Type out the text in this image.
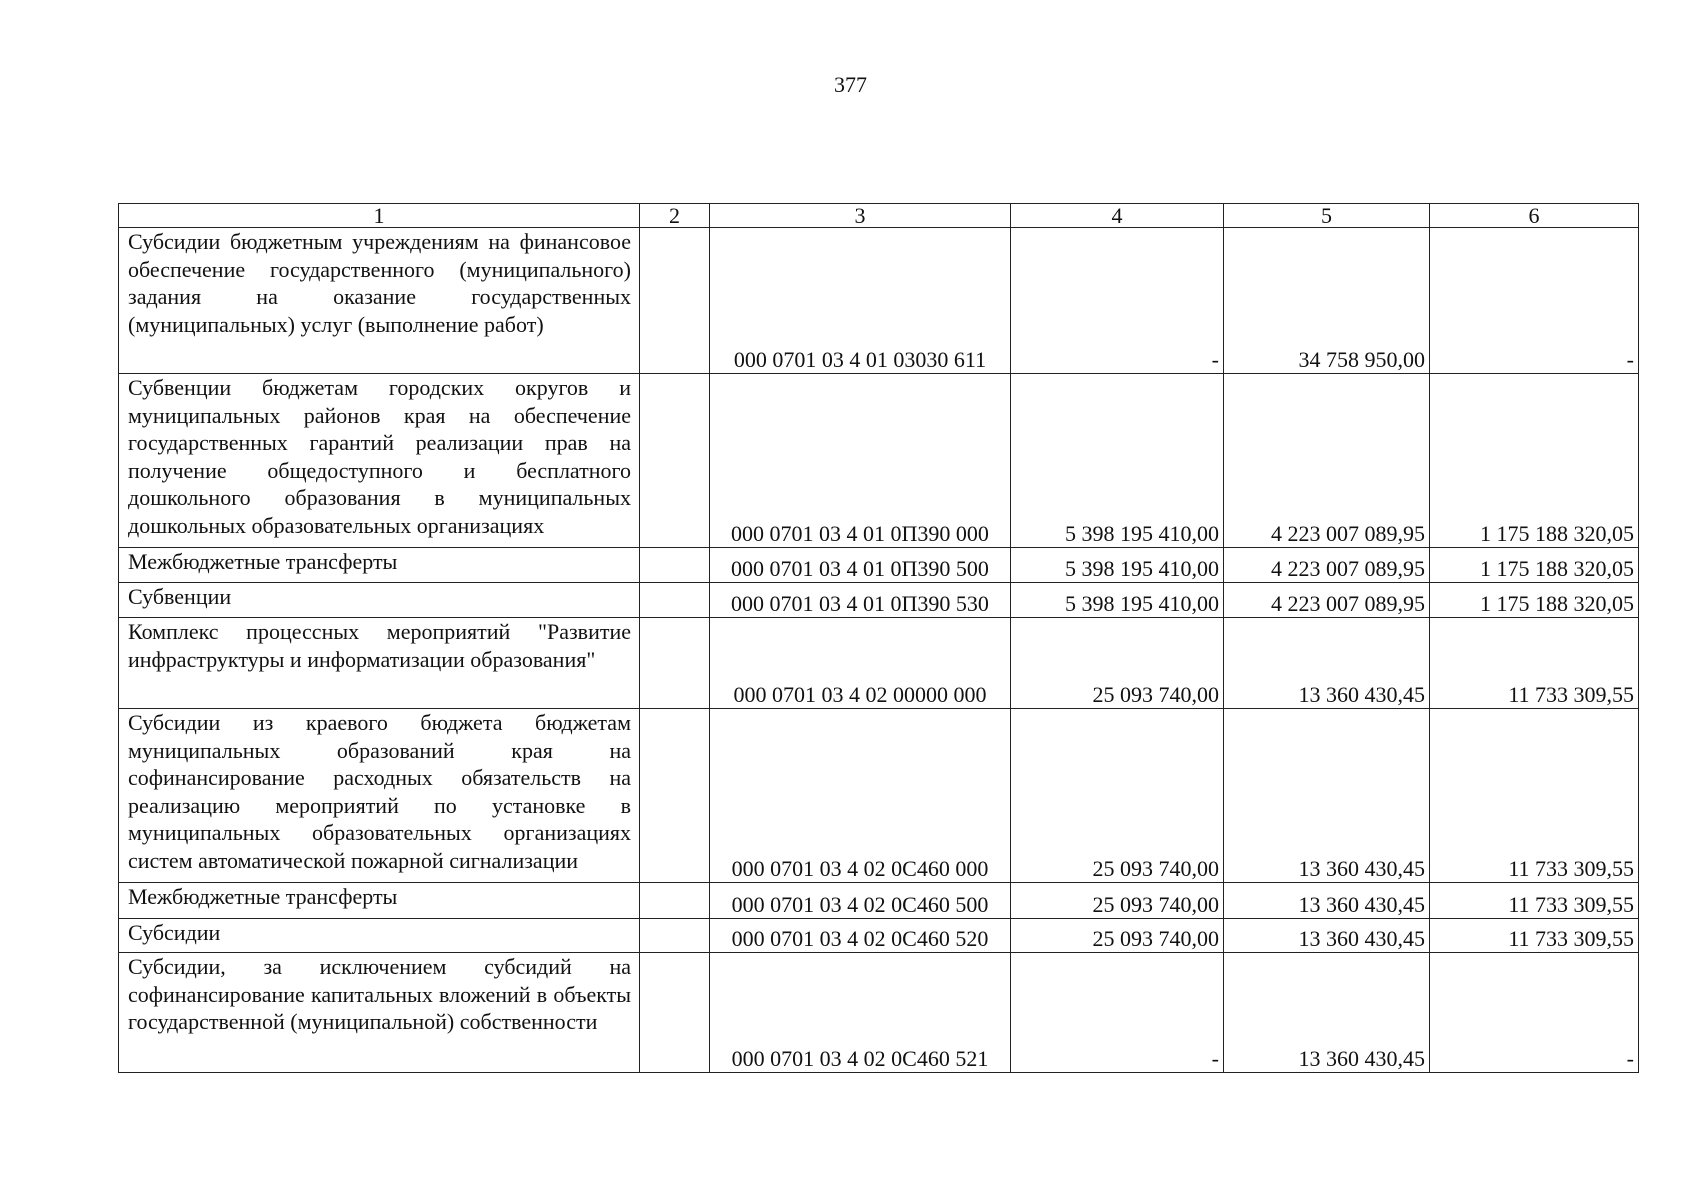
377
1	2	3	4	5	6
Субсидии бюджетным учреждениям на финансовое обеспечение государственного (муниципального) задания на оказание государственных (муниципальных) услуг (выполнение работ)		000 0701 03 4 01 03030 611	-	34 758 950,00	-
Субвенции бюджетам городских округов и муниципальных районов края на обеспечение государственных гарантий реализации прав на получение общедоступного и бесплатного дошкольного образования в муниципальных дошкольных образовательных организациях		000 0701 03 4 01 0П390 000	5 398 195 410,00	4 223 007 089,95	1 175 188 320,05
Межбюджетные трансферты		000 0701 03 4 01 0П390 500	5 398 195 410,00	4 223 007 089,95	1 175 188 320,05
Субвенции		000 0701 03 4 01 0П390 530	5 398 195 410,00	4 223 007 089,95	1 175 188 320,05
Комплекс процессных мероприятий "Развитие инфраструктуры и информатизации образования"		000 0701 03 4 02 00000 000	25 093 740,00	13 360 430,45	11 733 309,55
Субсидии из краевого бюджета бюджетам муниципальных образований края на софинансирование расходных обязательств на реализацию мероприятий по установке в муниципальных образовательных организациях систем автоматической пожарной сигнализации		000 0701 03 4 02 0С460 000	25 093 740,00	13 360 430,45	11 733 309,55
Межбюджетные трансферты		000 0701 03 4 02 0С460 500	25 093 740,00	13 360 430,45	11 733 309,55
Субсидии		000 0701 03 4 02 0С460 520	25 093 740,00	13 360 430,45	11 733 309,55
Субсидии, за исключением субсидий на софинансирование капитальных вложений в объекты государственной (муниципальной) собственности		000 0701 03 4 02 0С460 521	-	13 360 430,45	-
